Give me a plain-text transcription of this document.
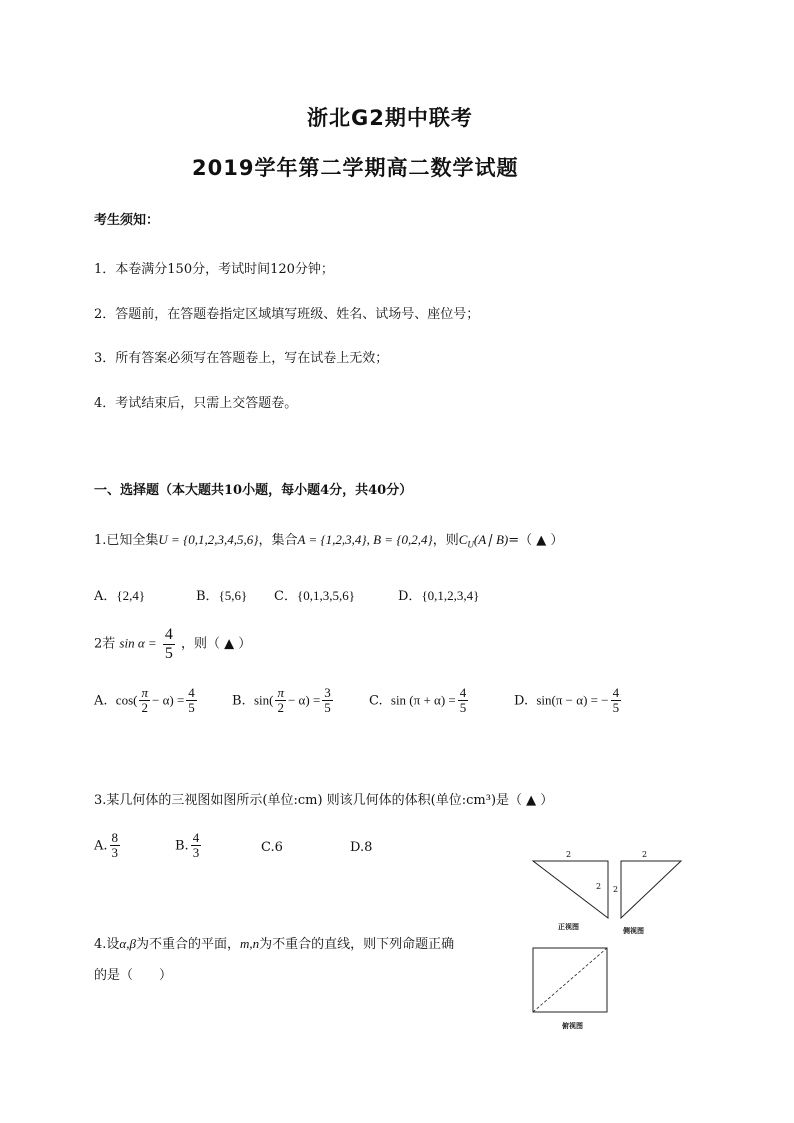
浙北G2期中联考
2019学年第二学期高二数学试题
考生须知：
1．本卷满分150分，考试时间120分钟；
2．答题前，在答题卷指定区域填写班级、姓名、试场号、座位号；
3．所有答案必须写在答题卷上，写在试卷上无效；
4．考试结束后，只需上交答题卷。
一、选择题（本大题共10小题，每小题4分，共40分）
1.已知全集U = {0,1,2,3,4,5,6}，集合A = {1,2,3,4}, B = {0,2,4}，则$C_U(A∣$ B)=（ ▲ ）
A．{2,4}	B．{5,6} C．{0,1,3,5,6}	D．{0,1,2,3,4}
2若 $\sin \alpha = \frac{4}{5}$ ，则（ ▲ ）
A. $\cos( \frac{\pi}{2} - \alpha) = \frac{4}{5}$	B. $\sin( \frac{\pi}{2} - \alpha) = \frac{3}{5}$	C. $\sin (\pi + \alpha) = \frac{4}{5}$	D. sin(π − α) = − $\frac{4}{5}$
3.某几何体的三视图如图所示(单位:cm) 则该几何体的体积(单位:cm³)是（ ▲ ）
A. $\frac{8}{3}$	B. $\frac{4}{3}$	C.6	D.8	2
2
2
2
正视图	侧视图
俯视图
4.设α,β为不重合的平面，m,n为不重合的直线，则下列命题正确
的是（　　）
